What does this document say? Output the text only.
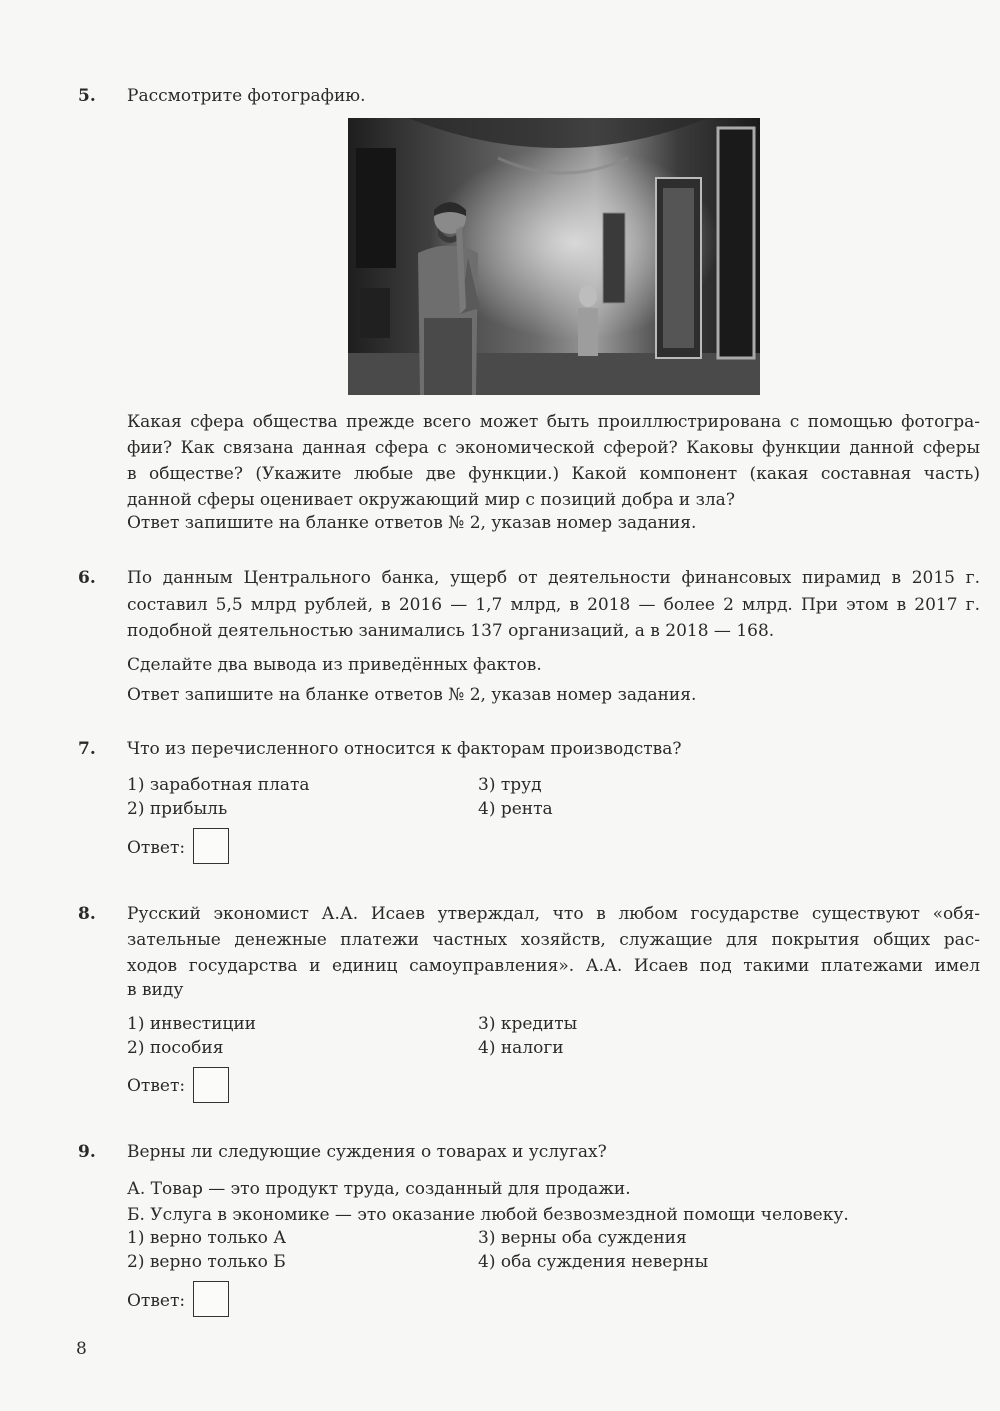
5. Рассмотрите фотографию.
Какая сфера общества прежде всего может быть проиллюстрирована с помощью фотогра-
фии? Как связана данная сфера с экономической сферой? Каковы функции данной сферы
в обществе? (Укажите любые две функции.) Какой компонент (какая составная часть)
данной сферы оценивает окружающий мир с позиций добра и зла?
Ответ запишите на бланке ответов № 2, указав номер задания.
6. По данным Центрального банка, ущерб от деятельности финансовых пирамид в 2015 г.
составил 5,5 млрд рублей, в 2016 — 1,7 млрд, в 2018 — более 2 млрд. При этом в 2017 г.
подобной деятельностью занимались 137 организаций, а в 2018 — 168.
Сделайте два вывода из приведённых фактов.
Ответ запишите на бланке ответов № 2, указав номер задания.
7. Что из перечисленного относится к факторам производства?
1) заработная плата
2) прибыль
3) труд
4) рента
Ответ:
8. Русский экономист А.А. Исаев утверждал, что в любом государстве существуют «обя-
зательные денежные платежи частных хозяйств, служащие для покрытия общих рас-
ходов государства и единиц самоуправления». А.А. Исаев под такими платежами имел
в виду
1) инвестиции
2) пособия
3) кредиты
4) налоги
Ответ:
9. Верны ли следующие суждения о товарах и услугах?
А. Товар — это продукт труда, созданный для продажи.
Б. Услуга в экономике — это оказание любой безвозмездной помощи человеку.
1) верно только А
2) верно только Б
3) верны оба суждения
4) оба суждения неверны
Ответ:
8
